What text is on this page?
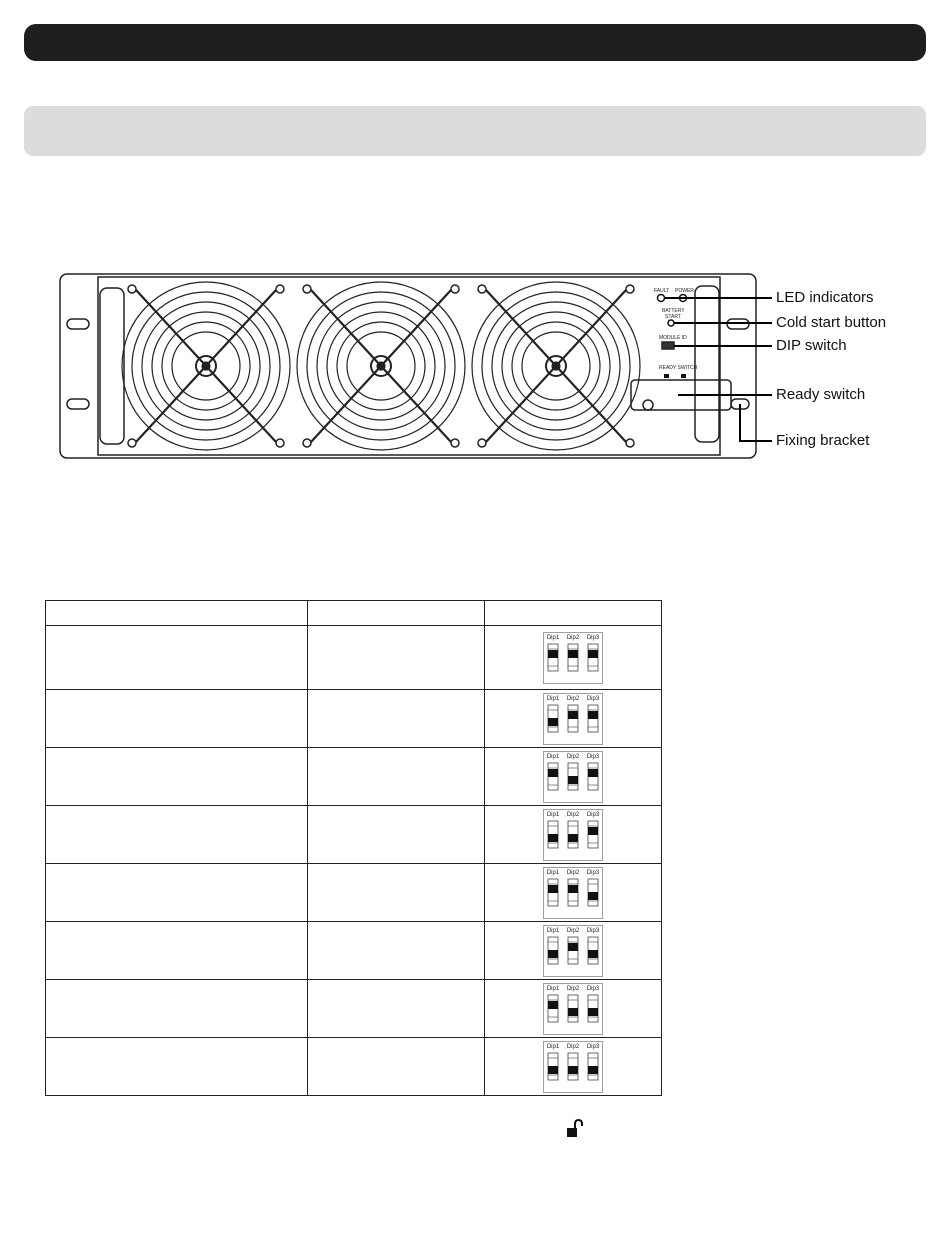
FAULT POWER
BATTERY
START
MODULE ID
READY SWITCH
LED indicators
Cold start button
DIP switch
Ready switch
Fixing bracket

Dip1 Dip2 Dip3

Dip1 Dip2 Dip3

Dip1 Dip2 Dip3

Dip1 Dip2 Dip3

Dip1 Dip2 Dip3

Dip1 Dip2 Dip3

Dip1 Dip2 Dip3

Dip1 Dip2 Dip3
